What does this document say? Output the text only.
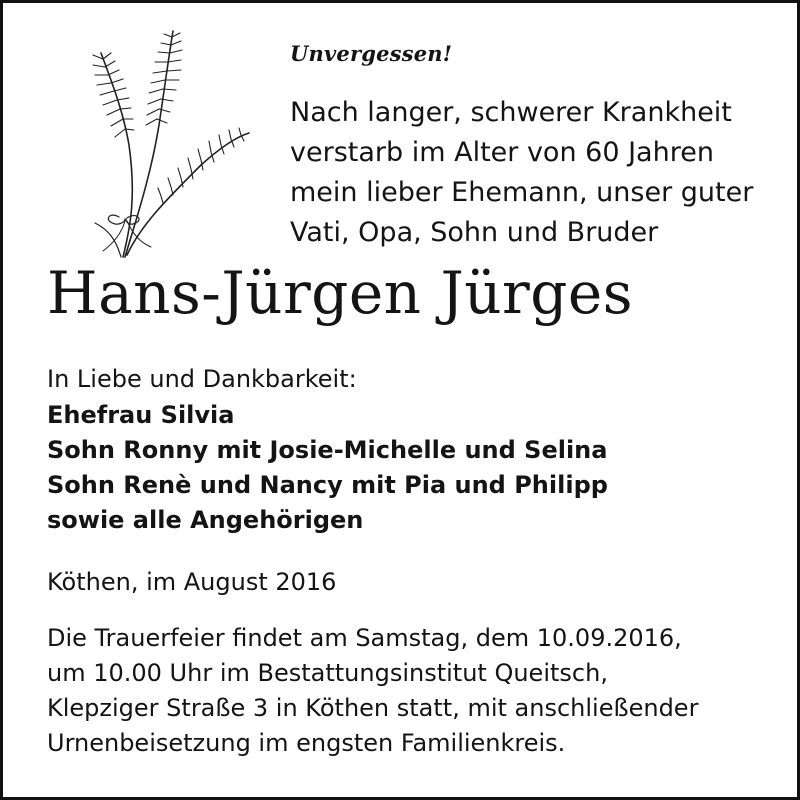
Unvergessen!

Nach langer, schwerer Krankheit
verstarb im Alter von 60 Jahren
mein lieber Ehemann, unser guter
Vati, Opa, Sohn und Bruder

Hans-Jürgen Jürges

In Liebe und Dankbarkeit:

Ehefrau Silvia
Sohn Ronny mit Josie-Michelle und Selina
Sohn Renè und Nancy mit Pia und Philipp
sowie alle Angehörigen

Köthen, im August 2016

Die Trauerfeier findet am Samstag, dem 10.09.2016,
um 10.00 Uhr im Bestattungsinstitut Queitsch,
Klepziger Straße 3 in Köthen statt, mit anschließender
Urnenbeisetzung im engsten Familienkreis.
